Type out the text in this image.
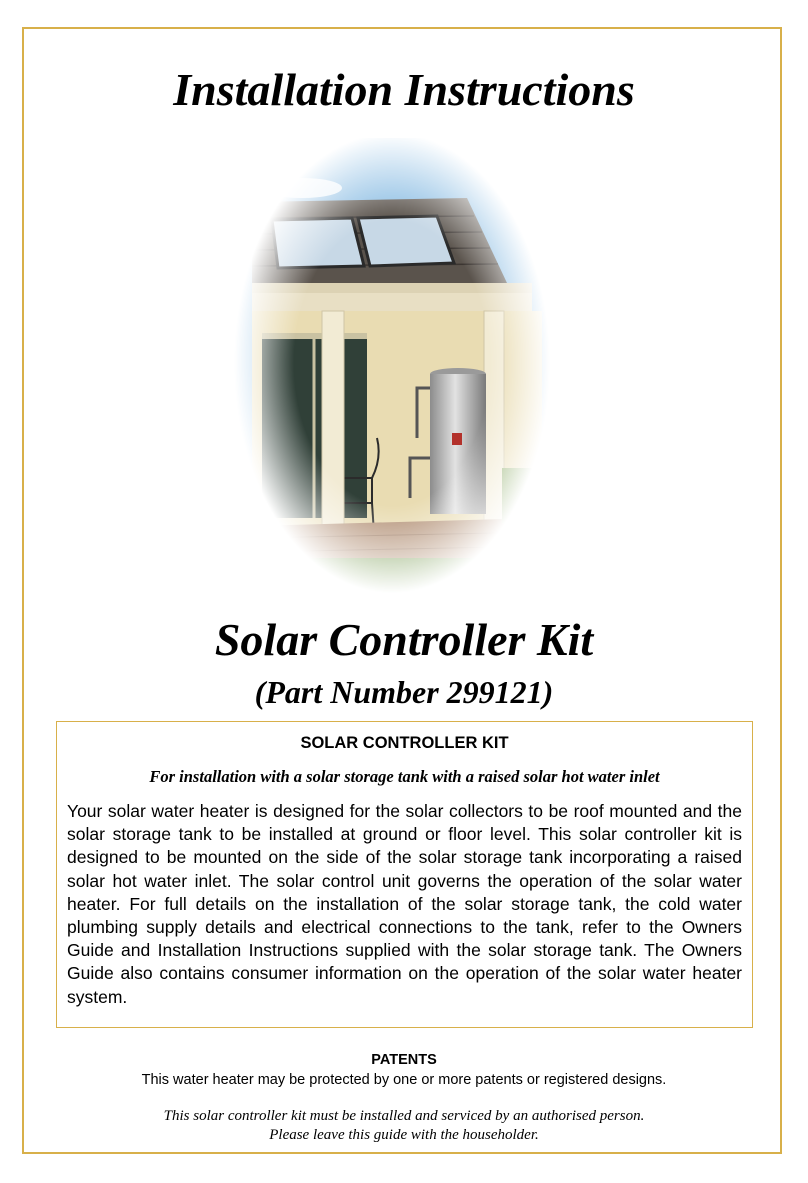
Installation Instructions
Solar Controller Kit
(Part Number 299121)
SOLAR CONTROLLER KIT
For installation with a solar storage tank with a raised solar hot water inlet
Your solar water heater is designed for the solar collectors to be roof mounted and the solar storage tank to be installed at ground or floor level. This solar controller kit is designed to be mounted on the side of the solar storage tank incorporating a raised solar hot water inlet. The solar control unit governs the operation of the solar water heater. For full details on the installation of the solar storage tank, the cold water plumbing supply details and electrical connections to the tank, refer to the Owners Guide and Installation Instructions supplied with the solar storage tank. The Owners Guide also contains consumer information on the operation of the solar water heater system.
PATENTS
This water heater may be protected by one or more patents or registered designs.
This solar controller kit must be installed and serviced by an authorised person.
Please leave this guide with the householder.
